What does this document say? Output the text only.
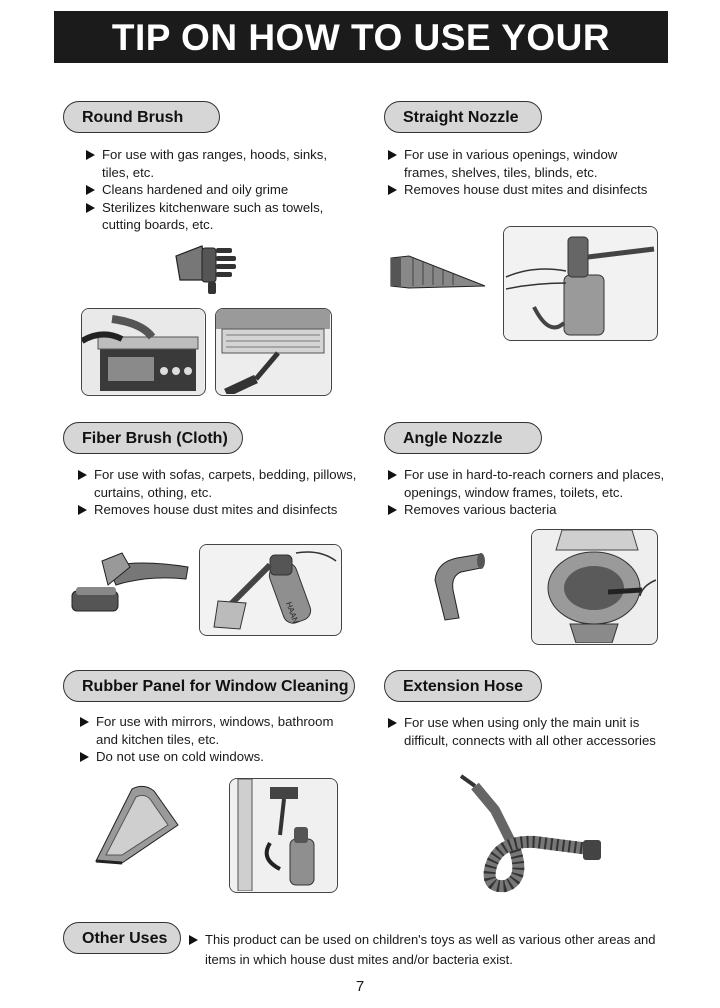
TIP ON HOW TO USE YOUR
Round Brush
For use with gas ranges, hoods, sinks, tiles, etc.
Cleans hardened and oily grime
Sterilizes kitchenware such as towels, cutting boards, etc.
Straight Nozzle
For use in various openings, window frames, shelves, tiles, blinds, etc.
Removes house dust mites and disinfects
Fiber Brush (Cloth)
For use with sofas, carpets, bedding, pillows, curtains, othing, etc.
Removes house dust mites and disinfects
HAAN
Angle Nozzle
For use in hard-to-reach corners and places, openings, window frames, toilets, etc.
Removes various bacteria
Rubber Panel for Window Cleaning
For use with mirrors, windows, bathroom and kitchen tiles, etc.
Do not use on cold windows.
Extension Hose
For use when using only the main unit is difficult, connects with all other accessories
Other Uses	This product can be used on children's toys as well as various other areas and items in which house dust mites and/or bacteria exist.
7
